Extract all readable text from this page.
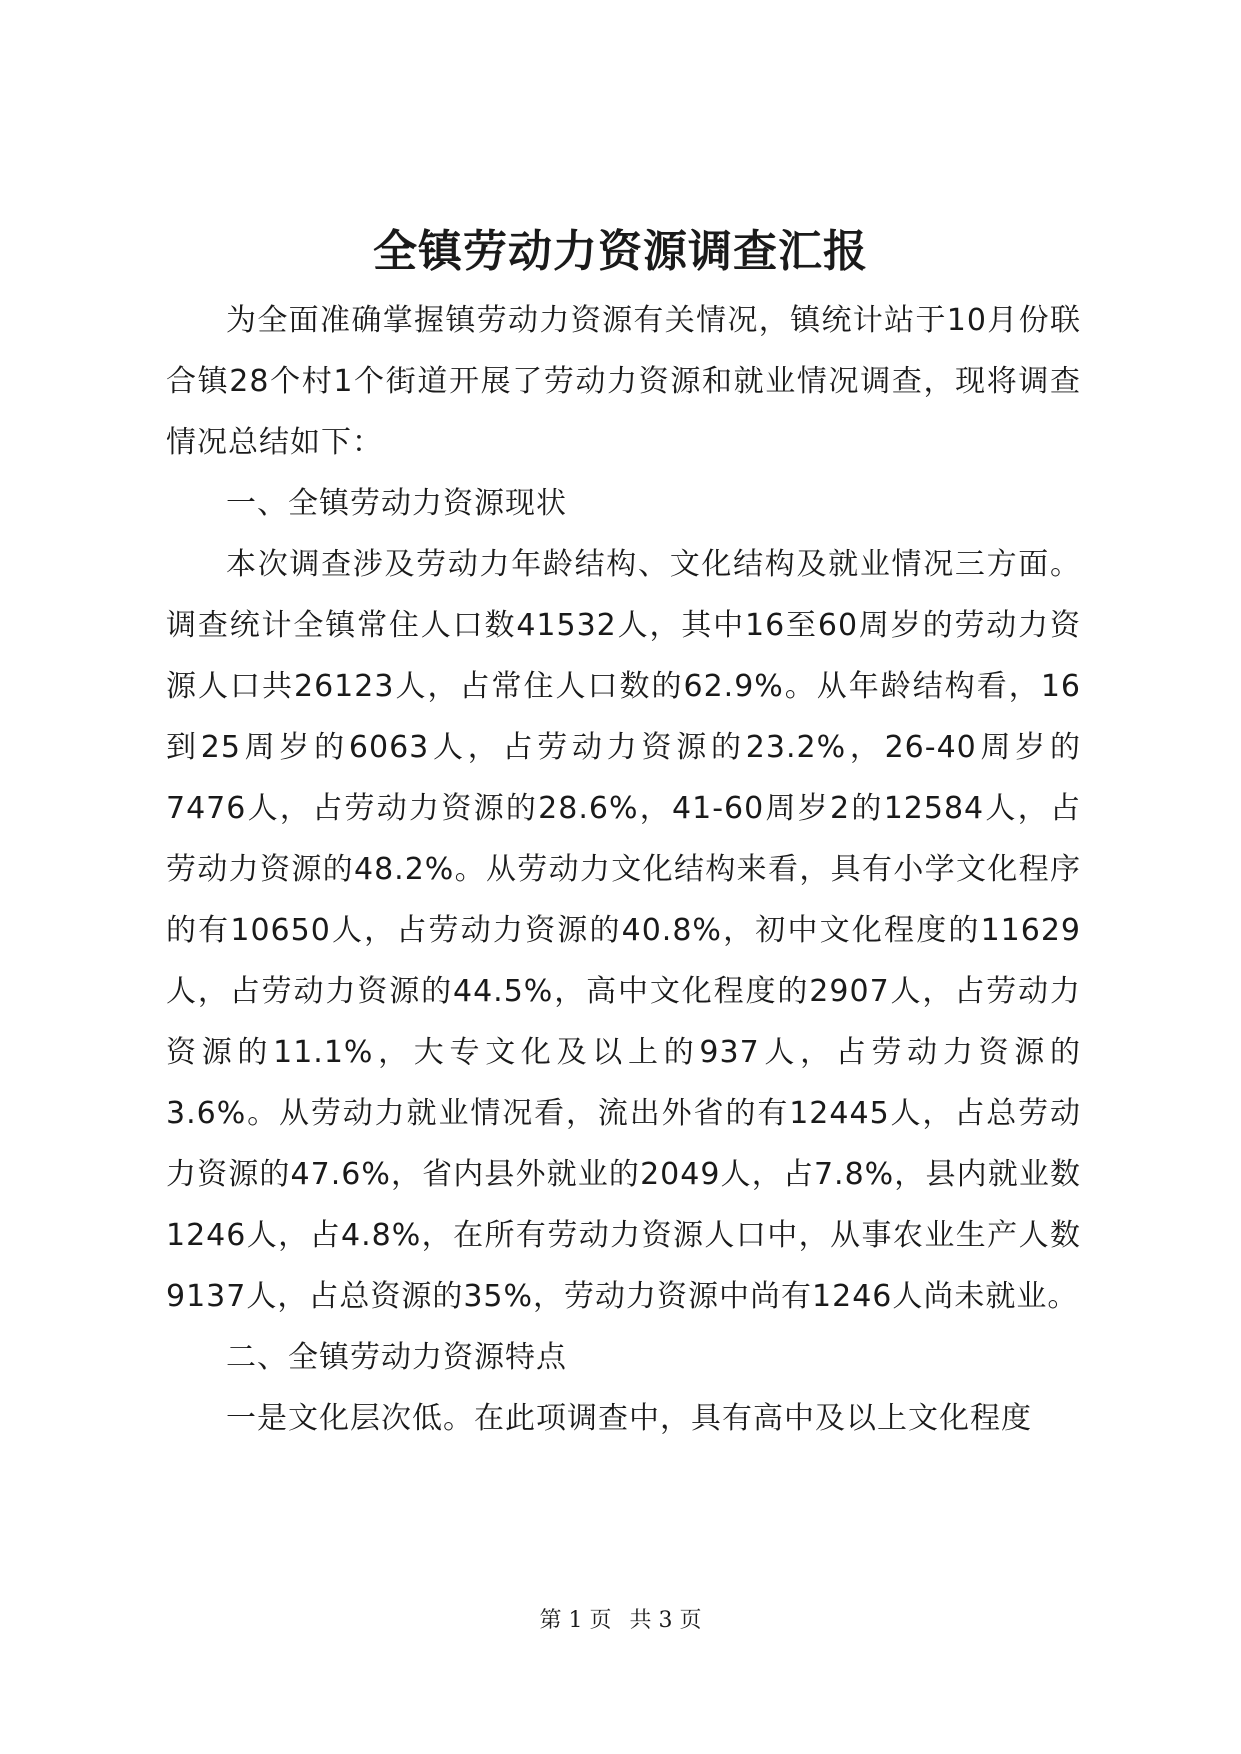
全镇劳动力资源调查汇报

为全面准确掌握镇劳动力资源有关情况，镇统计站于10月份联合镇28个村1个街道开展了劳动力资源和就业情况调查，现将调查情况总结如下：

一、全镇劳动力资源现状

本次调查涉及劳动力年龄结构、文化结构及就业情况三方面。调查统计全镇常住人口数41532人，其中16至60周岁的劳动力资源人口共26123人，占常住人口数的62.9%。从年龄结构看，16到25周岁的6063人，占劳动力资源的23.2%，26-40周岁的7476人，占劳动力资源的28.6%，41-60周岁2的12584人，占劳动力资源的48.2%。从劳动力文化结构来看，具有小学文化程序的有10650人，占劳动力资源的40.8%，初中文化程度的11629人，占劳动力资源的44.5%，高中文化程度的2907人，占劳动力资源的11.1%，大专文化及以上的937人，占劳动力资源的3.6%。从劳动力就业情况看，流出外省的有12445人，占总劳动力资源的47.6%，省内县外就业的2049人，占7.8%，县内就业数1246人，占4.8%，在所有劳动力资源人口中，从事农业生产人数9137人，占总资源的35%，劳动力资源中尚有1246人尚未就业。

二、全镇劳动力资源特点

一是文化层次低。在此项调查中，具有高中及以上文化程度

第 1 页 共 3 页
